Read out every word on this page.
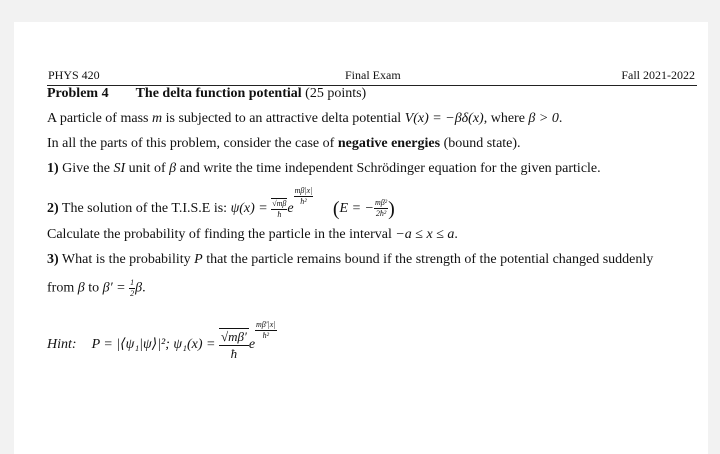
PHYS 420	Final Exam	Fall 2021-2022
Problem 4 The delta function potential (25 points)
A particle of mass m is subjected to an attractive delta potential V(x) = −βδ(x), where β > 0.
In all the parts of this problem, consider the case of negative energies (bound state).
1) Give the SI unit of β and write the time independent Schrödinger equation for the given particle.
2) The solution of the T.I.S.E is: $\psi(x) = \frac{√m\beta}{ħ}$ e
$\frac{m\beta|x|}{\text{ħ²}}$
(E = − $\frac{\text{mβ²}}{\text{2ħ²}}$ )
Calculate the probability of finding the particle in the interval −a ≤ x ≤ a.
3) What is the probability P that the particle remains bound if the strength of the potential changed suddenly
from β to $\beta' = \frac{1}{2} \beta$.
Hint: P = |⟨ψ₁|ψ⟩|²; $\psi_1(x) = \frac{√m\beta'}{ħ}$ e
$\frac{m\beta'|x|}{\text{ħ²}}$
